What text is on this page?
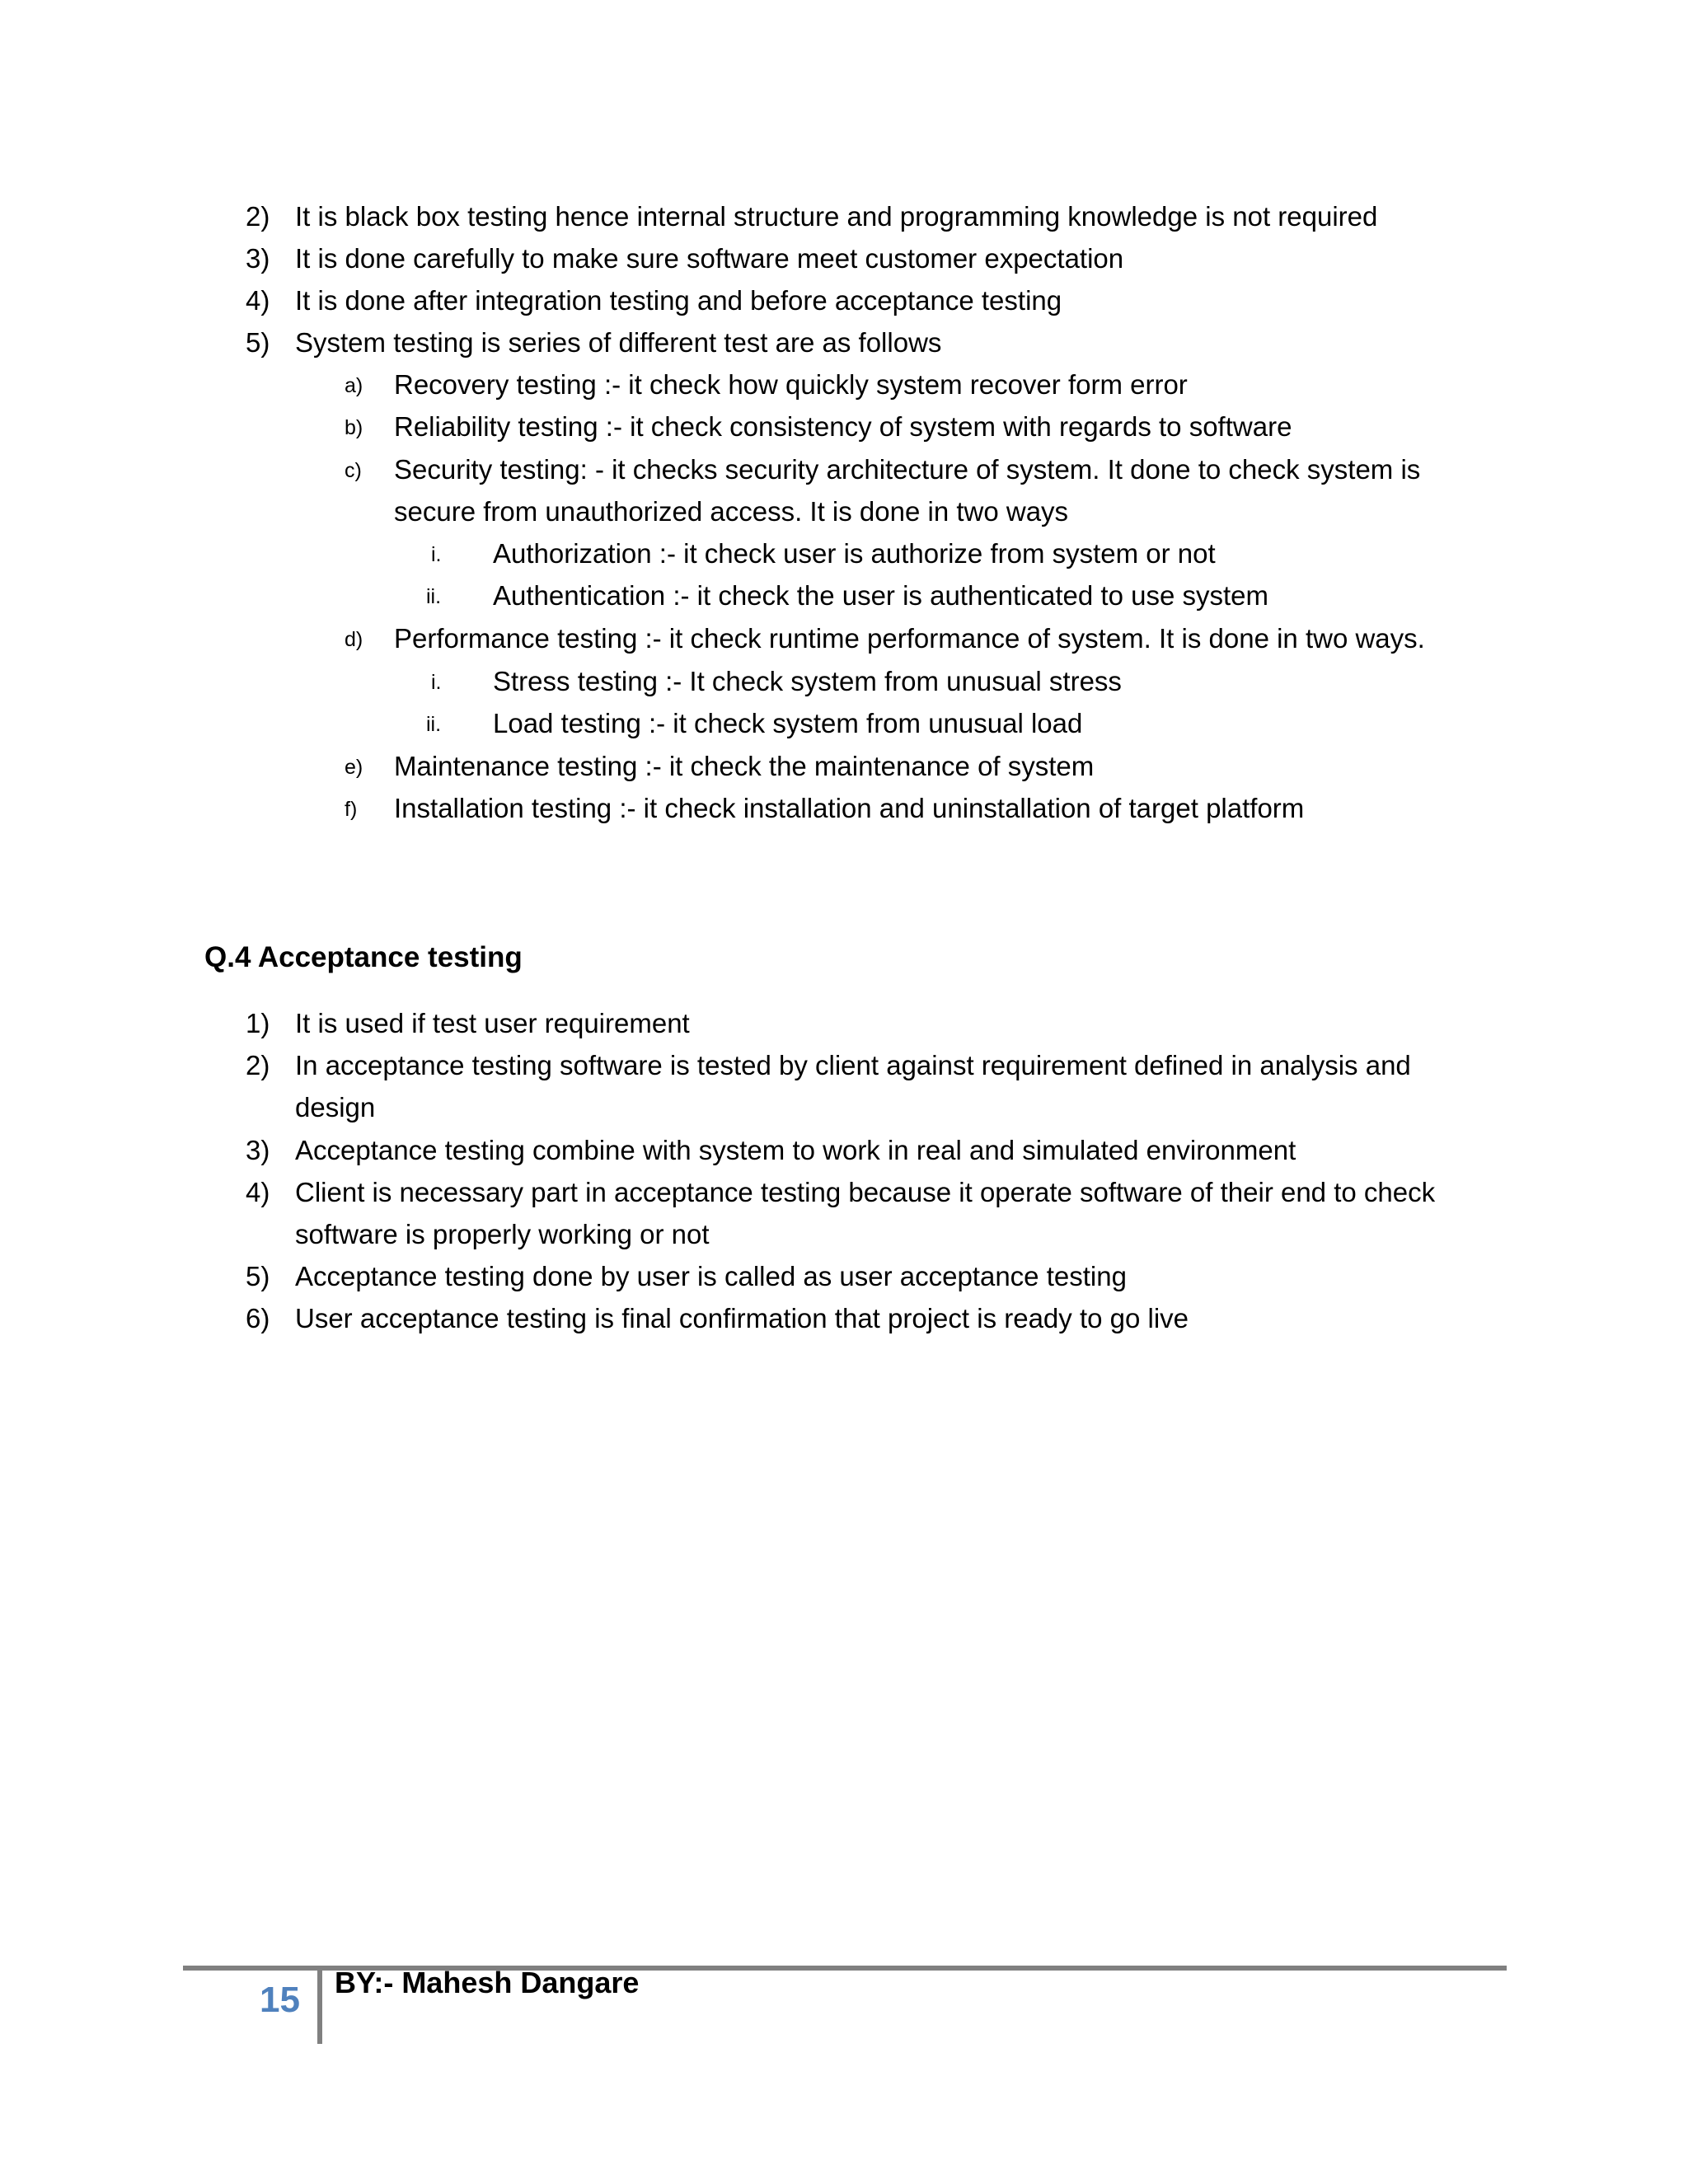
2) It is black box testing hence internal structure and programming knowledge is not required
3) It is done carefully to make sure software meet customer expectation
4) It is done after integration testing and before acceptance testing
5) System testing is series of different test are as follows
a) Recovery testing :- it check how quickly system recover form error
b) Reliability testing :- it check consistency of system with regards to software
c) Security testing: - it checks security architecture of system. It done to check system is
secure from unauthorized access. It is done in two ways
i. Authorization :- it check user is authorize from system or not
ii. Authentication :- it check the user is authenticated to use system
d) Performance testing :- it check runtime performance of system. It is done in two ways.
i. Stress testing :- It check system from unusual stress
ii. Load testing :- it check system from unusual load
e) Maintenance testing :- it check the maintenance of system
f) Installation testing :- it check installation and uninstallation of target platform
Q.4 Acceptance testing
1) It is used if test user requirement
2) In acceptance testing software is tested by client against requirement defined in analysis and
design
3) Acceptance testing combine with system to work in real and simulated environment
4) Client is necessary part in acceptance testing because it operate software of their end to check
software is properly working or not
5) Acceptance testing done by user is called as user acceptance testing
6) User acceptance testing is final confirmation that project is ready to go live
15 BY:- Mahesh Dangare
